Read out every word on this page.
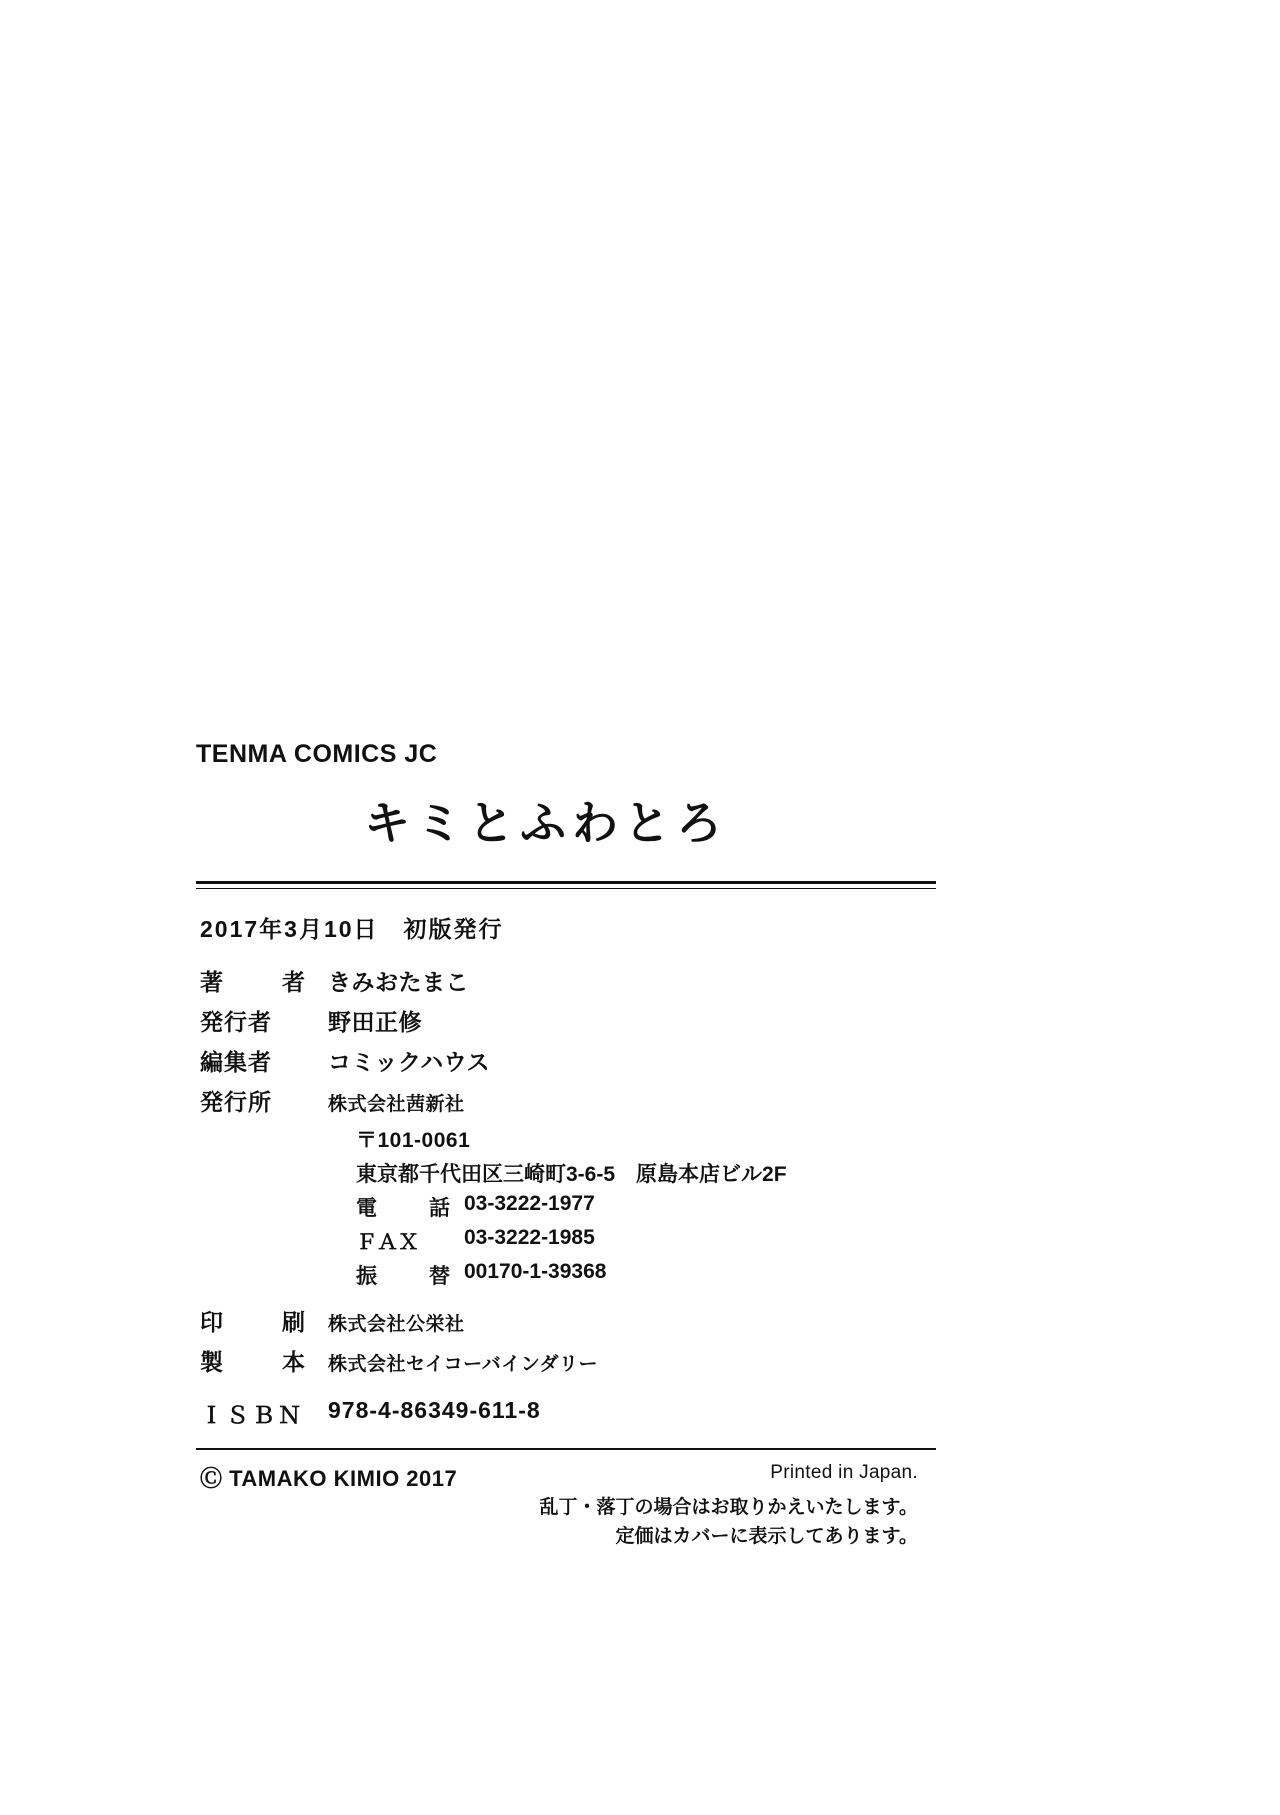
TENMA COMICS JC
キミとふわとろ
2017年3月10日　初版発行
著	者 きみおたまこ
発行者	野田正修
編集者	コミックハウス
発行所	株式会社茜新社
〒101-0061
東京都千代田区三崎町3-6-5　原島本店ビル2F
電 話 03-3222-1977
ＦＡＸ	03-3222-1985
振 替 00170-1-39368
印	刷 株式会社公栄社
製	本 株式会社セイコーバインダリー
ＩＳＢＮ	978-4-86349-611-8
Ⓒ TAMAKO KIMIO 2017	Printed in Japan.
乱丁・落丁の場合はお取りかえいたします。
定価はカバーに表示してあります。
